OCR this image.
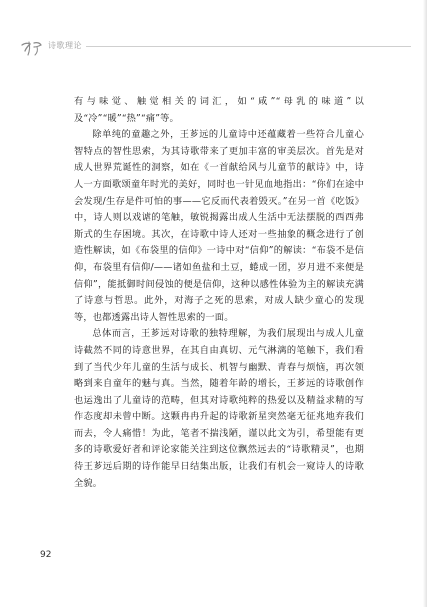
诗歌理论

有与味觉、触觉相关的词汇，如“咸”“母乳的味道”以及“冷”“暖”“热”“痛”等。

除单纯的童趣之外，王芗远的儿童诗中还蕴藏着一些符合儿童心智特点的智性思索，为其诗歌带来了更加丰富的审美层次。首先是对成人世界荒诞性的洞察，如在《一首献给风与儿童节的献诗》中，诗人一方面歌颂童年时光的美好，同时也一针见血地指出：“你们在途中会发现/生存是件可怕的事——它反而代表着毁灭。”在另一首《吃饭》中，诗人则以戏谑的笔触，敏锐揭露出成人生活中无法摆脱的西西弗斯式的生存困境。其次，在诗歌中诗人还对一些抽象的概念进行了创造性解读，如《布袋里的信仰》一诗中对“信仰”的解读：“布袋不是信仰，布袋里有信仰/——诸如鱼盐和土豆，蜷成一团，岁月进不来便是信仰”，能抵御时间侵蚀的便是信仰，这种以感性体验为主的解读充满了诗意与哲思。此外，对海子之死的思索，对成人缺少童心的发现等，也都透露出诗人智性思索的一面。

总体而言，王芗远对诗歌的独特理解，为我们展现出与成人儿童诗截然不同的诗意世界，在其自由真切、元气淋漓的笔触下，我们看到了当代少年儿童的生活与成长、机智与幽默、青春与烦恼，再次领略到来自童年的魅与真。当然，随着年龄的增长，王芗远的诗歌创作也运逸出了儿童诗的范畴，但其对诗歌纯粹的热爱以及精益求精的写作态度却未曾中断。这颗冉冉升起的诗歌新星突然毫无征兆地弃我们而去，令人痛惜！为此，笔者不揣浅陋，谨以此文为引，希望能有更多的诗歌爱好者和评论家能关注到这位飘然远去的“诗歌精灵”，也期待王芗远后期的诗作能早日结集出版，让我们有机会一窥诗人的诗歌全貌。

92
